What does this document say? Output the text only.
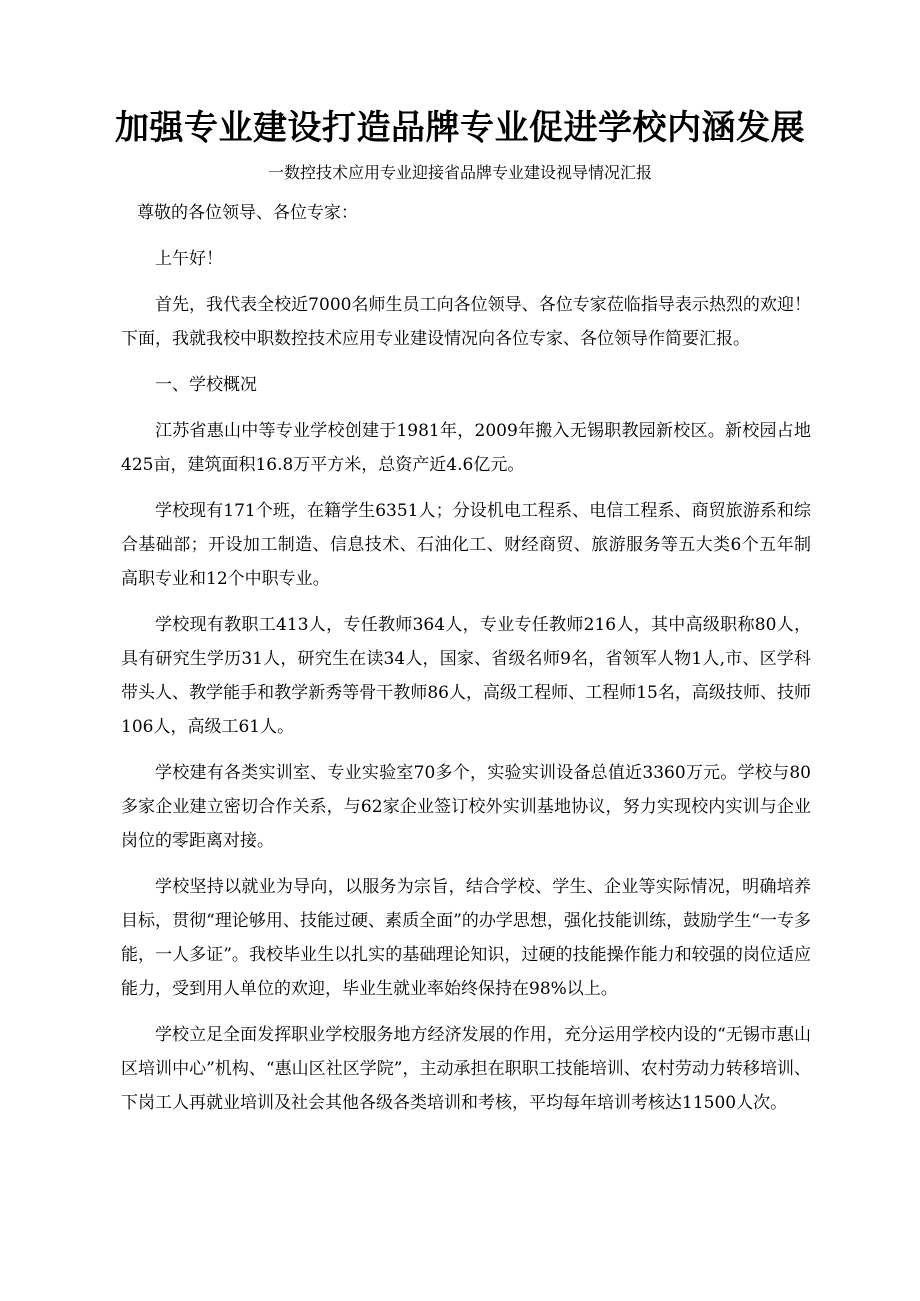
加强专业建设打造品牌专业促进学校内涵发展
一数控技术应用专业迎接省品牌专业建设视导情况汇报

尊敬的各位领导、各位专家：

上午好！

首先，我代表全校近7000名师生员工向各位领导、各位专家莅临指导表示热烈的欢迎！下面，我就我校中职数控技术应用专业建设情况向各位专家、各位领导作简要汇报。

一、学校概况

江苏省惠山中等专业学校创建于1981年，2009年搬入无锡职教园新校区。新校园占地425亩，建筑面积16.8万平方米，总资产近4.6亿元。

学校现有171个班，在籍学生6351人；分设机电工程系、电信工程系、商贸旅游系和综合基础部；开设加工制造、信息技术、石油化工、财经商贸、旅游服务等五大类6个五年制高职专业和12个中职专业。

学校现有教职工413人，专任教师364人，专业专任教师216人，其中高级职称80人，具有研究生学历31人，研究生在读34人，国家、省级名师9名，省领军人物1人,市、区学科带头人、教学能手和教学新秀等骨干教师86人，高级工程师、工程师15名，高级技师、技师106人，高级工61人。

学校建有各类实训室、专业实验室70多个，实验实训设备总值近3360万元。学校与80多家企业建立密切合作关系，与62家企业签订校外实训基地协议，努力实现校内实训与企业岗位的零距离对接。

学校坚持以就业为导向，以服务为宗旨，结合学校、学生、企业等实际情况，明确培养目标，贯彻“理论够用、技能过硬、素质全面”的办学思想，强化技能训练，鼓励学生“一专多能，一人多证”。我校毕业生以扎实的基础理论知识，过硬的技能操作能力和较强的岗位适应能力，受到用人单位的欢迎，毕业生就业率始终保持在98%以上。

学校立足全面发挥职业学校服务地方经济发展的作用，充分运用学校内设的“无锡市惠山区培训中心”机构、“惠山区社区学院”，主动承担在职职工技能培训、农村劳动力转移培训、下岗工人再就业培训及社会其他各级各类培训和考核，平均每年培训考核达11500人次。
